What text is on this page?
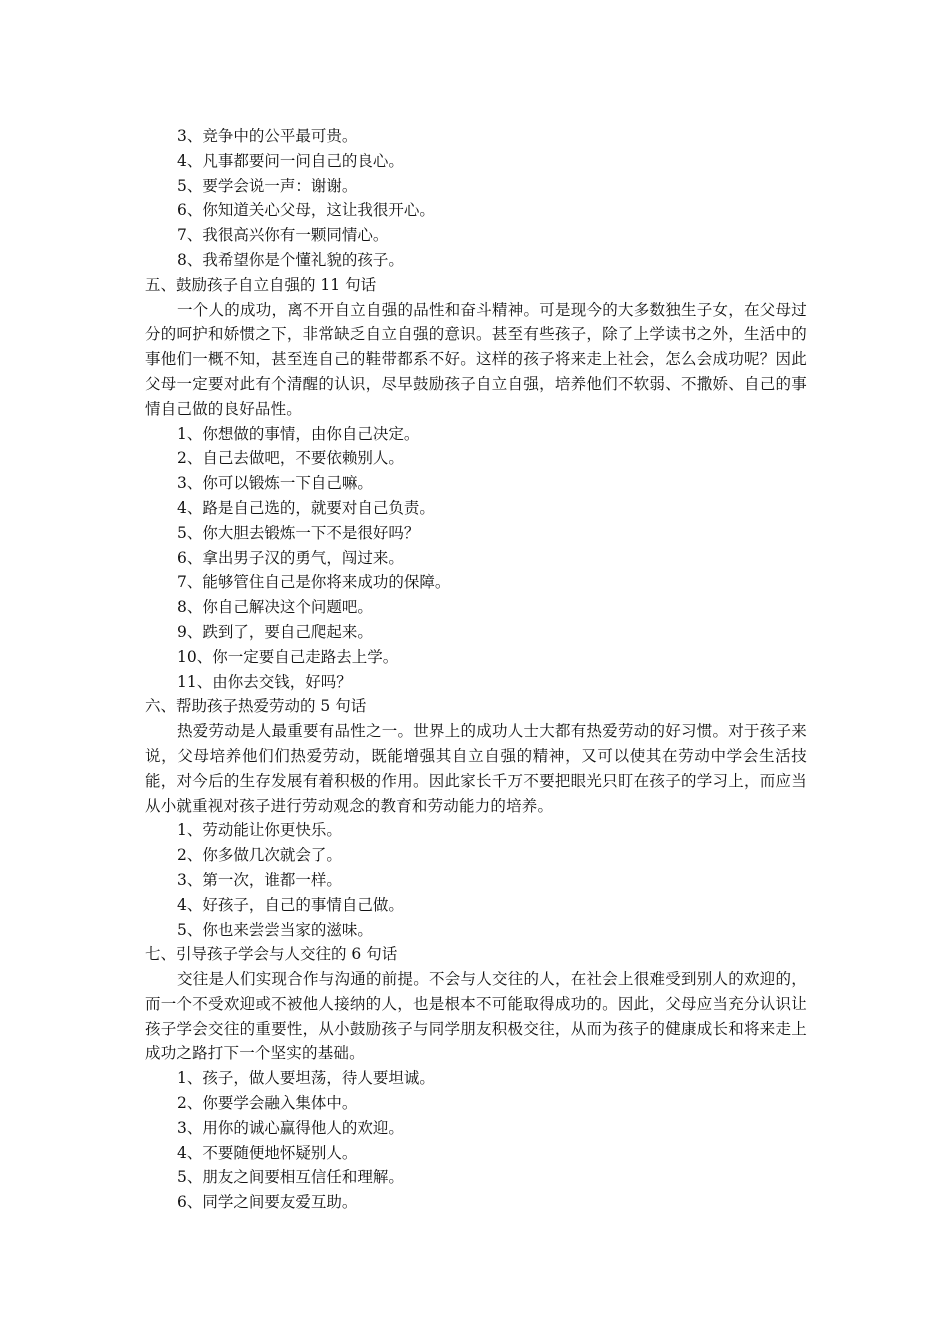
3、竞争中的公平最可贵。
4、凡事都要问一问自己的良心。
5、要学会说一声：谢谢。
6、你知道关心父母，这让我很开心。
7、我很高兴你有一颗同情心。
8、我希望你是个懂礼貌的孩子。
五、鼓励孩子自立自强的 11 句话
一个人的成功，离不开自立自强的品性和奋斗精神。可是现今的大多数独生子女，在父母过分的呵护和娇惯之下，非常缺乏自立自强的意识。甚至有些孩子，除了上学读书之外，生活中的事他们一概不知，甚至连自己的鞋带都系不好。这样的孩子将来走上社会，怎么会成功呢？因此父母一定要对此有个清醒的认识，尽早鼓励孩子自立自强，培养他们不软弱、不撒娇、自己的事情自己做的良好品性。
1、你想做的事情，由你自己决定。
2、自己去做吧，不要依赖别人。
3、你可以锻炼一下自己嘛。
4、路是自己选的，就要对自己负责。
5、你大胆去锻炼一下不是很好吗？
6、拿出男子汉的勇气，闯过来。
7、能够管住自己是你将来成功的保障。
8、你自己解决这个问题吧。
9、跌到了，要自己爬起来。
10、你一定要自己走路去上学。
11、由你去交钱，好吗？
六、帮助孩子热爱劳动的 5 句话
热爱劳动是人最重要有品性之一。世界上的成功人士大都有热爱劳动的好习惯。对于孩子来说，父母培养他们们热爱劳动，既能增强其自立自强的精神，又可以使其在劳动中学会生活技能，对今后的生存发展有着积极的作用。因此家长千万不要把眼光只盯在孩子的学习上，而应当从小就重视对孩子进行劳动观念的教育和劳动能力的培养。
1、劳动能让你更快乐。
2、你多做几次就会了。
3、第一次，谁都一样。
4、好孩子，自己的事情自己做。
5、你也来尝尝当家的滋味。
七、引导孩子学会与人交往的 6 句话
交往是人们实现合作与沟通的前提。不会与人交往的人，在社会上很难受到别人的欢迎的，而一个不受欢迎或不被他人接纳的人，也是根本不可能取得成功的。因此，父母应当充分认识让孩子学会交往的重要性，从小鼓励孩子与同学朋友积极交往，从而为孩子的健康成长和将来走上成功之路打下一个坚实的基础。
1、孩子，做人要坦荡，待人要坦诚。
2、你要学会融入集体中。
3、用你的诚心赢得他人的欢迎。
4、不要随便地怀疑别人。
5、朋友之间要相互信任和理解。
6、同学之间要友爱互助。
